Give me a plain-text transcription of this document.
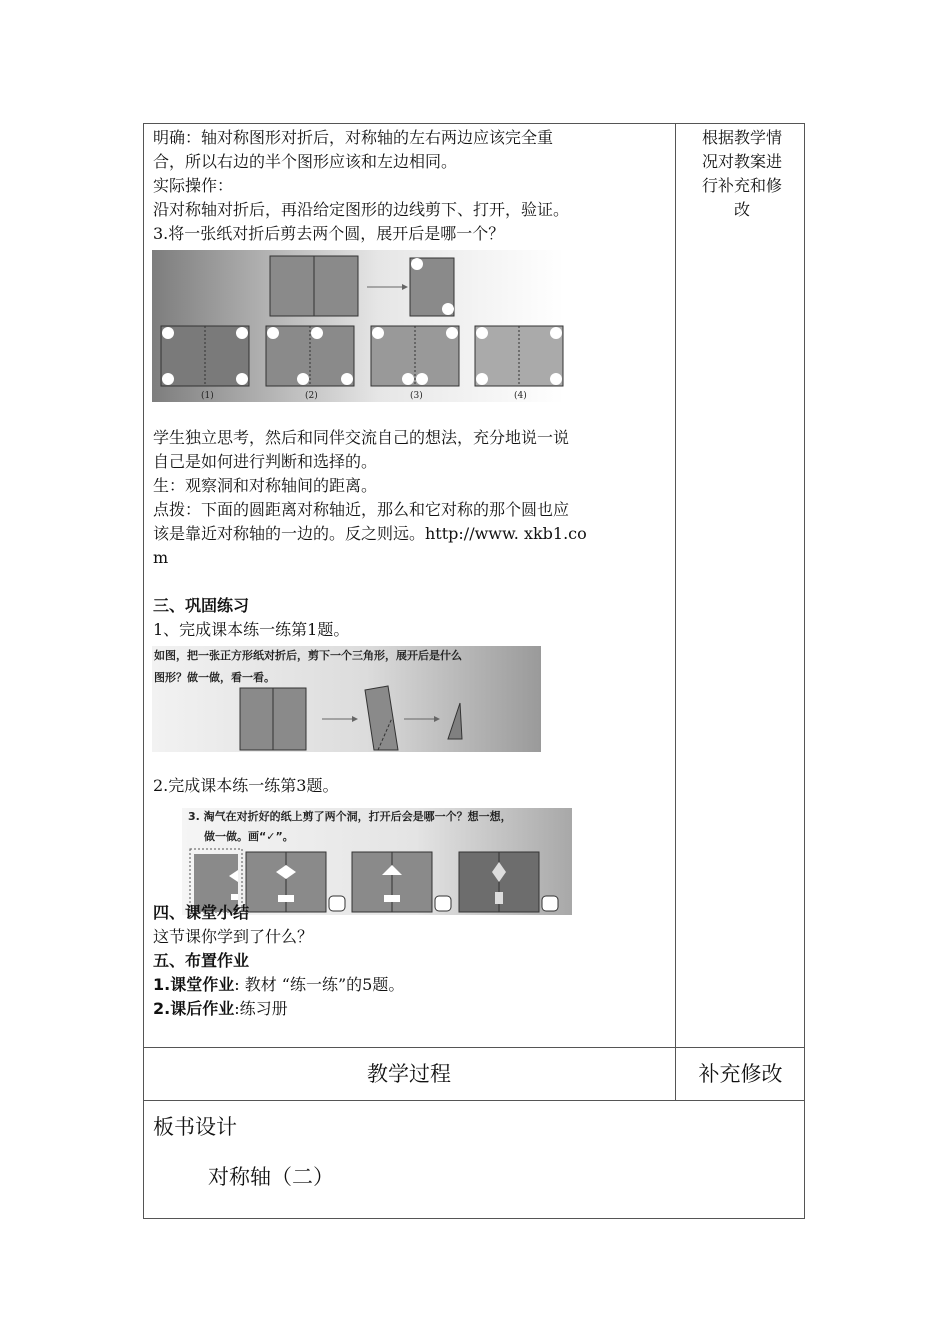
明确：轴对称图形对折后，对称轴的左右两边应该完全重

合，所以右边的半个图形应该和左边相同。

实际操作：

沿对称轴对折后，再沿给定图形的边线剪下、打开，验证。

3.将一张纸对折后剪去两个圆，展开后是哪一个？

(1)	(2)	(3)	(4)

学生独立思考，然后和同伴交流自己的想法，充分地说一说

自己是如何进行判断和选择的。

生：观察洞和对称轴间的距离。

点拨：下面的圆距离对称轴近，那么和它对称的那个圆也应

该是靠近对称轴的一边的。反之则远。http://www. xkb1.co

m

三、巩固练习

1、完成课本练一练第1题。

如图，把一张正方形纸对折后，剪下一个三角形，展开后是什么
图形？做一做，看一看。

2.完成课本练一练第3题。

3. 淘气在对折好的纸上剪了两个洞，打开后会是哪一个？想一想，
做一做。画“✓”。

四、课堂小结

这节课你学到了什么？

五、布置作业

1.课堂作业: 教材 “练一练”的5题。

2.课后作业:练习册

根据教学情
况对教案进
行补充和修
改
教学过程	补充修改
板书设计
对称轴（二）
